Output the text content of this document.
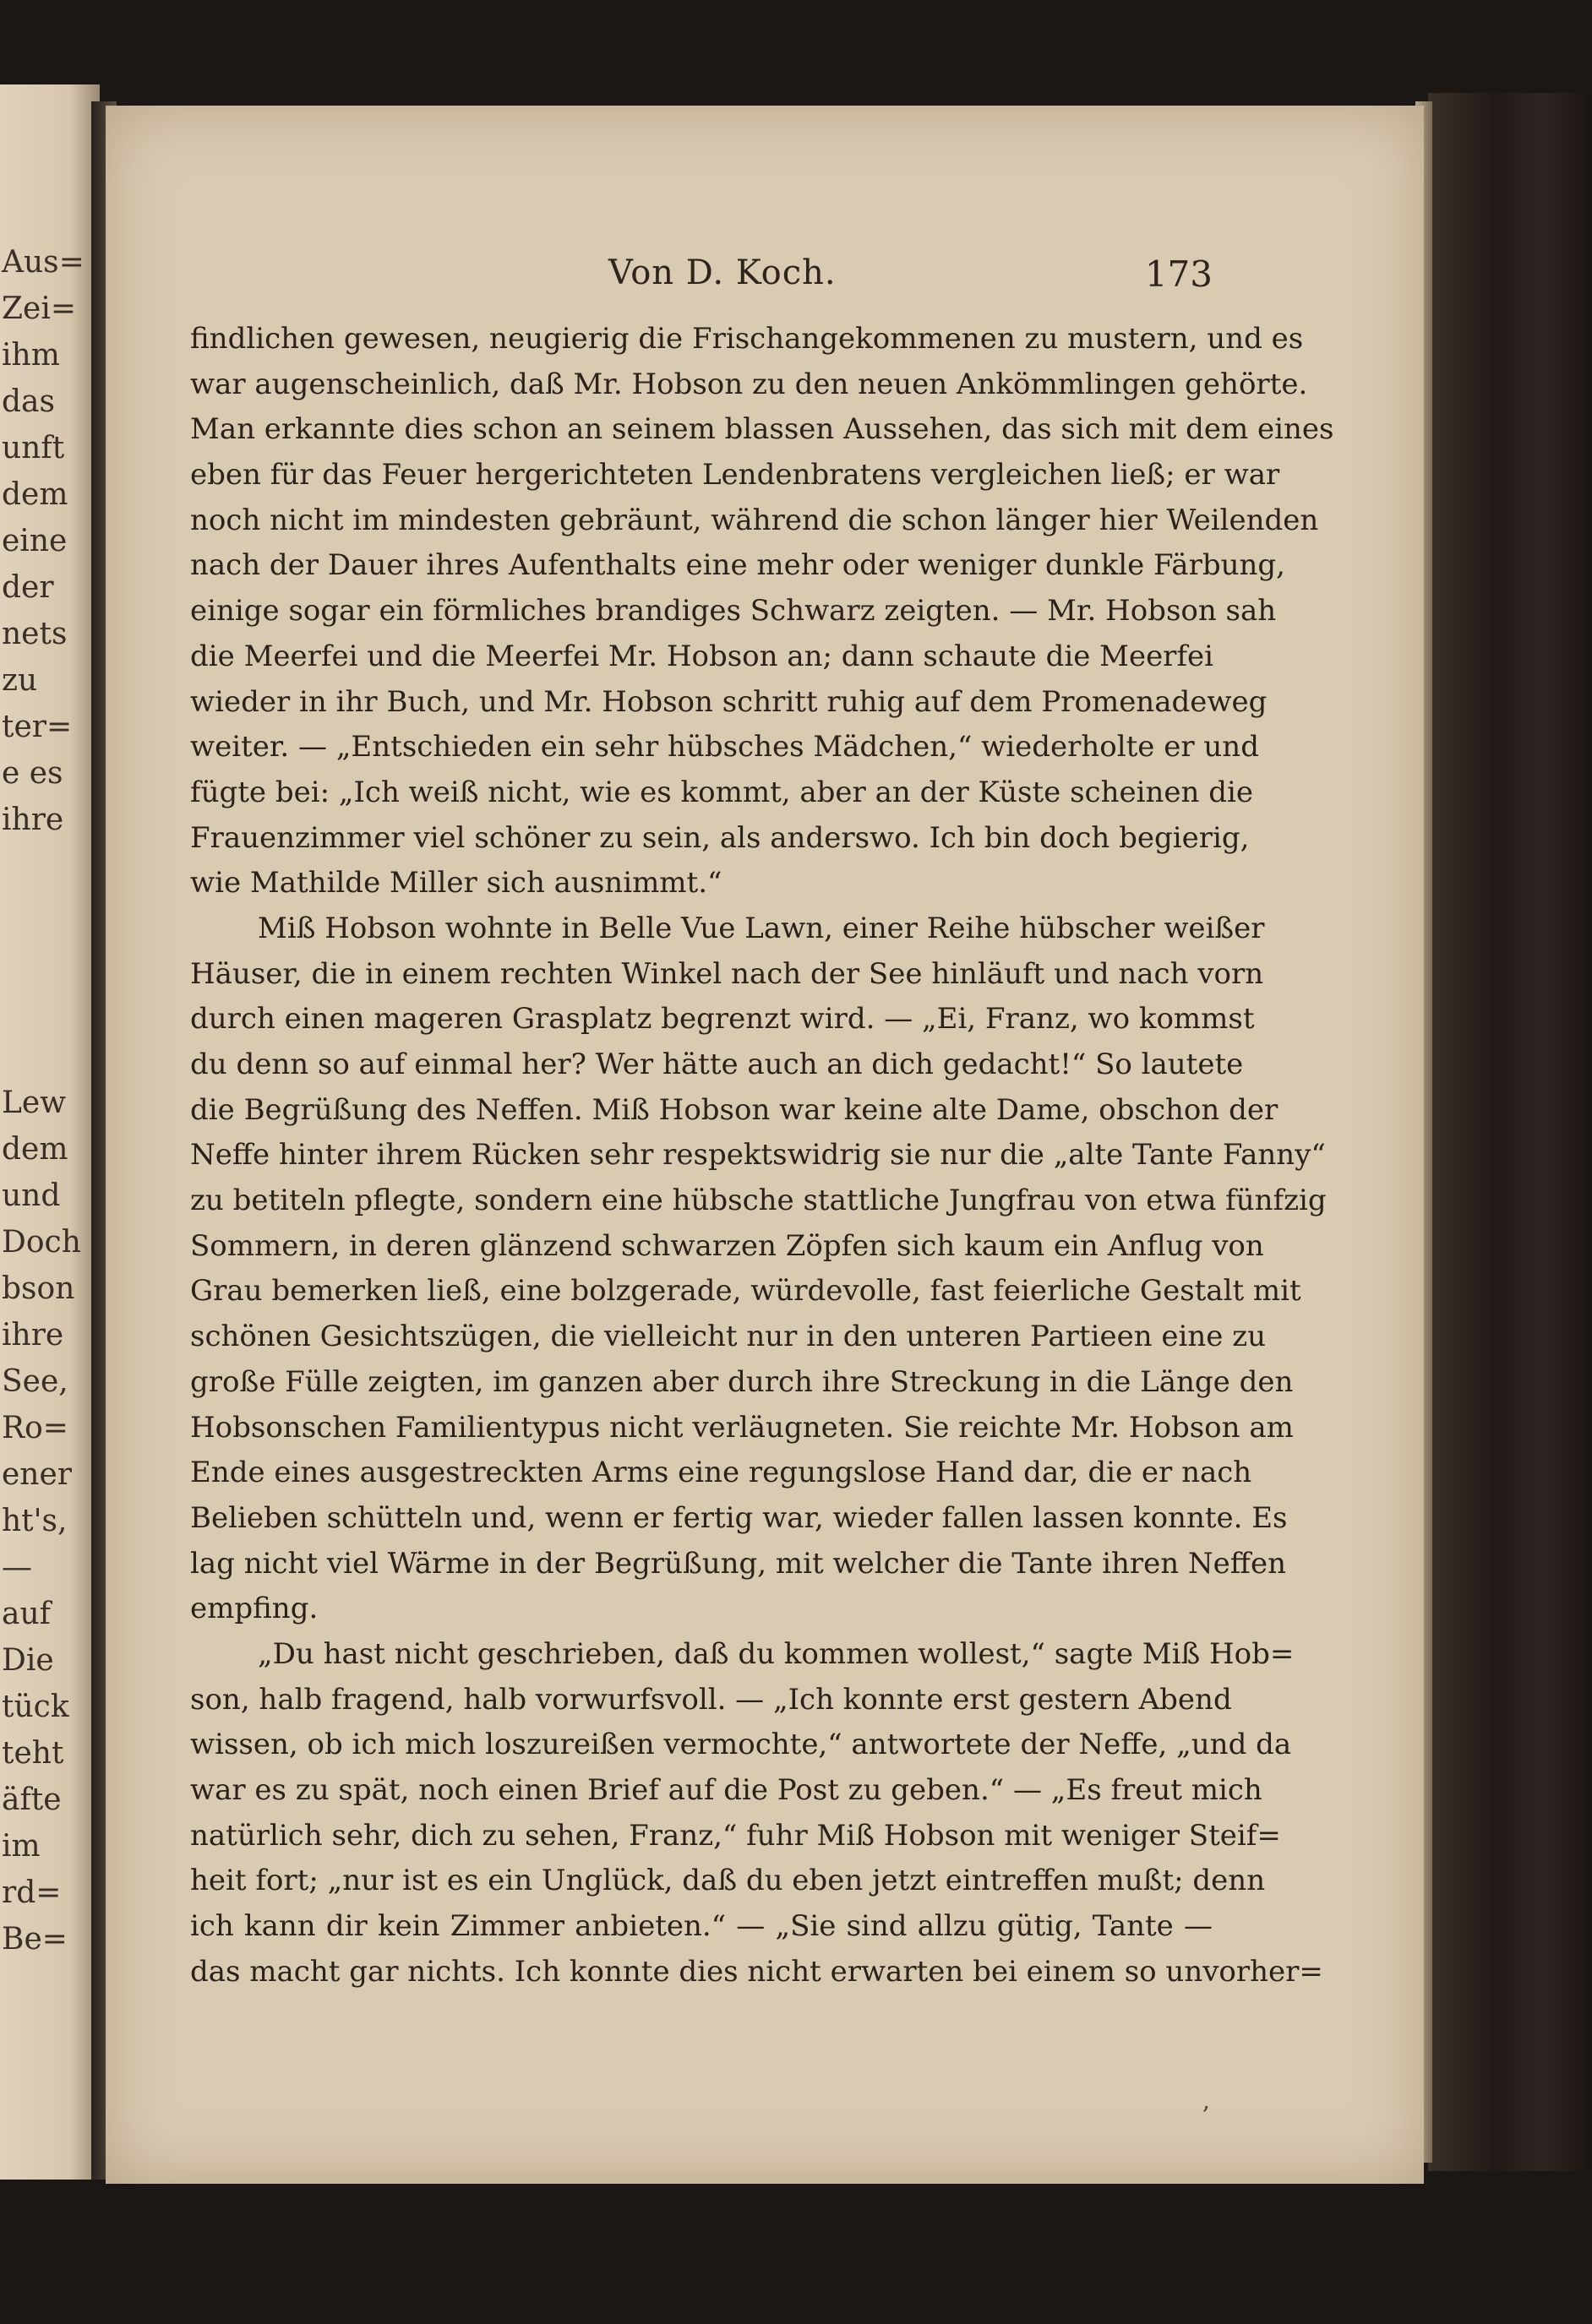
Aus=
Zei=
ihm
das
unft
dem
eine
der
nets
zu
ter=
e es
ihre
Lew
dem
und
Doch
bson
ihre
See,
Ro=
ener
ht's,
—
auf
Die
tück
teht
äfte
im
rd=
Be=
Von D. Koch.	173
findlichen gewesen, neugierig die Frischangekommenen zu mustern, und es
war augenscheinlich, daß Mr. Hobson zu den neuen Ankömmlingen gehörte.
Man erkannte dies schon an seinem blassen Aussehen, das sich mit dem eines
eben für das Feuer hergerichteten Lendenbratens vergleichen ließ; er war
noch nicht im mindesten gebräunt, während die schon länger hier Weilenden
nach der Dauer ihres Aufenthalts eine mehr oder weniger dunkle Färbung,
einige sogar ein förmliches brandiges Schwarz zeigten. — Mr. Hobson sah
die Meerfei und die Meerfei Mr. Hobson an; dann schaute die Meerfei
wieder in ihr Buch, und Mr. Hobson schritt ruhig auf dem Promenadeweg
weiter. — „Entschieden ein sehr hübsches Mädchen,“ wiederholte er und
fügte bei: „Ich weiß nicht, wie es kommt, aber an der Küste scheinen die
Frauenzimmer viel schöner zu sein, als anderswo. Ich bin doch begierig,
wie Mathilde Miller sich ausnimmt.“
Miß Hobson wohnte in Belle Vue Lawn, einer Reihe hübscher weißer
Häuser, die in einem rechten Winkel nach der See hinläuft und nach vorn
durch einen mageren Grasplatz begrenzt wird. — „Ei, Franz, wo kommst
du denn so auf einmal her? Wer hätte auch an dich gedacht!“ So lautete
die Begrüßung des Neffen. Miß Hobson war keine alte Dame, obschon der
Neffe hinter ihrem Rücken sehr respektswidrig sie nur die „alte Tante Fanny“
zu betiteln pflegte, sondern eine hübsche stattliche Jungfrau von etwa fünfzig
Sommern, in deren glänzend schwarzen Zöpfen sich kaum ein Anflug von
Grau bemerken ließ, eine bolzgerade, würdevolle, fast feierliche Gestalt mit
schönen Gesichtszügen, die vielleicht nur in den unteren Partieen eine zu
große Fülle zeigten, im ganzen aber durch ihre Streckung in die Länge den
Hobsonschen Familientypus nicht verläugneten. Sie reichte Mr. Hobson am
Ende eines ausgestreckten Arms eine regungslose Hand dar, die er nach
Belieben schütteln und, wenn er fertig war, wieder fallen lassen konnte. Es
lag nicht viel Wärme in der Begrüßung, mit welcher die Tante ihren Neffen
empfing.
„Du hast nicht geschrieben, daß du kommen wollest,“ sagte Miß Hob=
son, halb fragend, halb vorwurfsvoll. — „Ich konnte erst gestern Abend
wissen, ob ich mich loszureißen vermochte,“ antwortete der Neffe, „und da
war es zu spät, noch einen Brief auf die Post zu geben.“ — „Es freut mich
natürlich sehr, dich zu sehen, Franz,“ fuhr Miß Hobson mit weniger Steif=
heit fort; „nur ist es ein Unglück, daß du eben jetzt eintreffen mußt; denn
ich kann dir kein Zimmer anbieten.“ — „Sie sind allzu gütig, Tante —
das macht gar nichts. Ich konnte dies nicht erwarten bei einem so unvorher=
,
